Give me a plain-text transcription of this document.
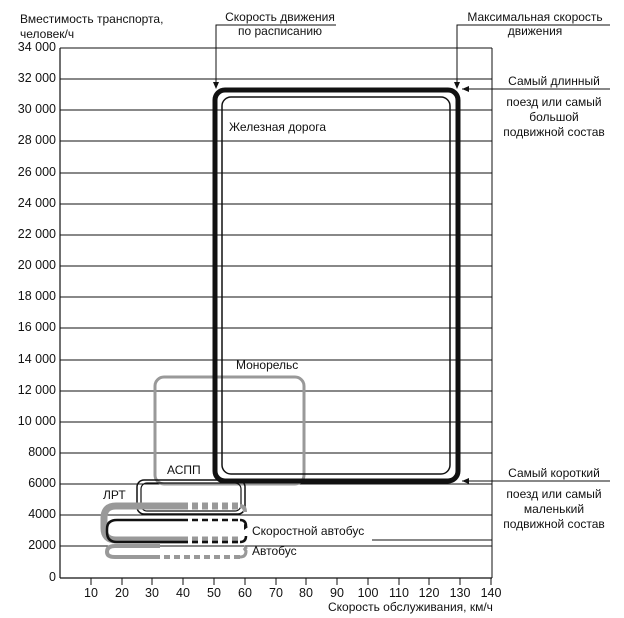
Вместимость транспорта,
человек/ч
34 000
32 000
30 000
28 000
26 000
24 000
22 000
20 000
18 000
16 000
14 000
12 000
10 000
8000
6000
4000
2000
0
10	20	30	40	50	60	70	80	90	100 110 120 130 140
Скорость обслуживания, км/ч
Скорость движения
по расписанию
Максимальная скорость
движения
Самый длинный
поезд или самый
большой
подвижной состав
Самый короткий
поезд или самый
маленький
подвижной состав
Железная дорога
Монорельс
АСПП
ЛРТ
Скоростной автобус
Автобус
